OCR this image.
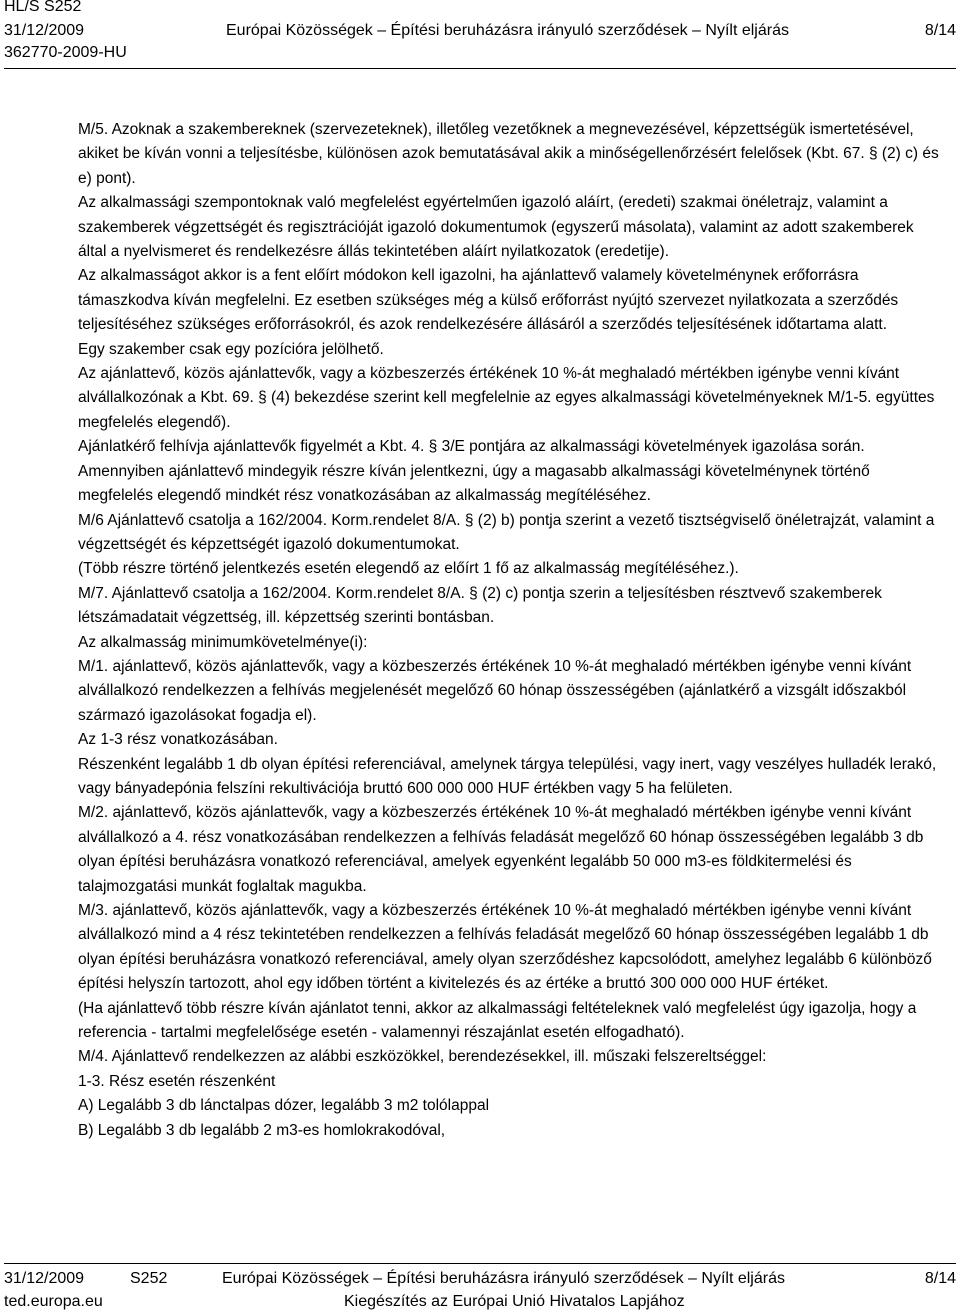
HL/S S252
31/12/2009	Európai Közösségek – Építési beruházásra irányuló szerződések – Nyílt eljárás	8/14
362770-2009-HU

M/5. Azoknak a szakembereknek (szervezeteknek), illetőleg vezetőknek a megnevezésével, képzettségük ismertetésével, akiket be kíván vonni a teljesítésbe, különösen azok bemutatásával akik a minőségellenőrzésért felelősek (Kbt. 67. § (2) c) és e) pont).

Az alkalmassági szempontoknak való megfelelést egyértelműen igazoló aláírt, (eredeti) szakmai önéletrajz, valamint a szakemberek végzettségét és regisztrációját igazoló dokumentumok (egyszerű másolata), valamint az adott szakemberek által a nyelvismeret és rendelkezésre állás tekintetében aláírt nyilatkozatok (eredetije).

Az alkalmasságot akkor is a fent előírt módokon kell igazolni, ha ajánlattevő valamely követelménynek erőforrásra támaszkodva kíván megfelelni. Ez esetben szükséges még a külső erőforrást nyújtó szervezet nyilatkozata a szerződés teljesítéséhez szükséges erőforrásokról, és azok rendelkezésére állásáról a szerződés teljesítésének időtartama alatt.

Egy szakember csak egy pozícióra jelölhető.

Az ajánlattevő, közös ajánlattevők, vagy a közbeszerzés értékének 10 %-át meghaladó mértékben igénybe venni kívánt alvállalkozónak a Kbt. 69. § (4) bekezdése szerint kell megfelelnie az egyes alkalmassági követelményeknek M/1-5. együttes megfelelés elegendő).

Ajánlatkérő felhívja ajánlattevők figyelmét a Kbt. 4. § 3/E pontjára az alkalmassági követelmények igazolása során.

Amennyiben ajánlattevő mindegyik részre kíván jelentkezni, úgy a magasabb alkalmassági követelménynek történő megfelelés elegendő mindkét rész vonatkozásában az alkalmasság megítéléséhez.

M/6 Ajánlattevő csatolja a 162/2004. Korm.rendelet 8/A. § (2) b) pontja szerint a vezető tisztségviselő önéletrajzát, valamint a végzettségét és képzettségét igazoló dokumentumokat.

(Több részre történő jelentkezés esetén elegendő az előírt 1 fő az alkalmasság megítéléséhez.).

M/7. Ajánlattevő csatolja a 162/2004. Korm.rendelet 8/A. § (2) c) pontja szerin a teljesítésben résztvevő szakemberek létszámadatait végzettség, ill. képzettség szerinti bontásban.

Az alkalmasság minimumkövetelménye(i):

M/1. ajánlattevő, közös ajánlattevők, vagy a közbeszerzés értékének 10 %-át meghaladó mértékben igénybe venni kívánt alvállalkozó rendelkezzen a felhívás megjelenését megelőző 60 hónap összességében (ajánlatkérő a vizsgált időszakból származó igazolásokat fogadja el).

Az 1-3 rész vonatkozásában.

Részenként legalább 1 db olyan építési referenciával, amelynek tárgya települési, vagy inert, vagy veszélyes hulladék lerakó, vagy bányadepónia felszíni rekultivációja bruttó 600 000 000 HUF értékben vagy 5 ha felületen.

M/2. ajánlattevő, közös ajánlattevők, vagy a közbeszerzés értékének 10 %-át meghaladó mértékben igénybe venni kívánt alvállalkozó a 4. rész vonatkozásában rendelkezzen a felhívás feladását megelőző 60 hónap összességében legalább 3 db olyan építési beruházásra vonatkozó referenciával, amelyek egyenként legalább 50 000 m3-es földkitermelési és talajmozgatási munkát foglaltak magukba.

M/3. ajánlattevő, közös ajánlattevők, vagy a közbeszerzés értékének 10 %-át meghaladó mértékben igénybe venni kívánt alvállalkozó mind a 4 rész tekintetében rendelkezzen a felhívás feladását megelőző 60 hónap összességében legalább 1 db olyan építési beruházásra vonatkozó referenciával, amely olyan szerződéshez kapcsolódott, amelyhez legalább 6 különböző építési helyszín tartozott, ahol egy időben történt a kivitelezés és az értéke a bruttó 300 000 000 HUF értéket.

(Ha ajánlattevő több részre kíván ajánlatot tenni, akkor az alkalmassági feltételeknek való megfelelést úgy igazolja, hogy a referencia - tartalmi megfelelősége esetén - valamennyi részajánlat esetén elfogadható).

M/4. Ajánlattevő rendelkezzen az alábbi eszközökkel, berendezésekkel, ill. műszaki felszereltséggel:

1-3. Rész esetén részenként

A) Legalább 3 db lánctalpas dózer, legalább 3 m2 tolólappal

B) Legalább 3 db legalább 2 m3-es homlokrakodóval,

31/12/2009	S252	Európai Közösségek – Építési beruházásra irányuló szerződések – Nyílt eljárás	8/14
ted.europa.eu	Kiegészítés az Európai Unió Hivatalos Lapjához
